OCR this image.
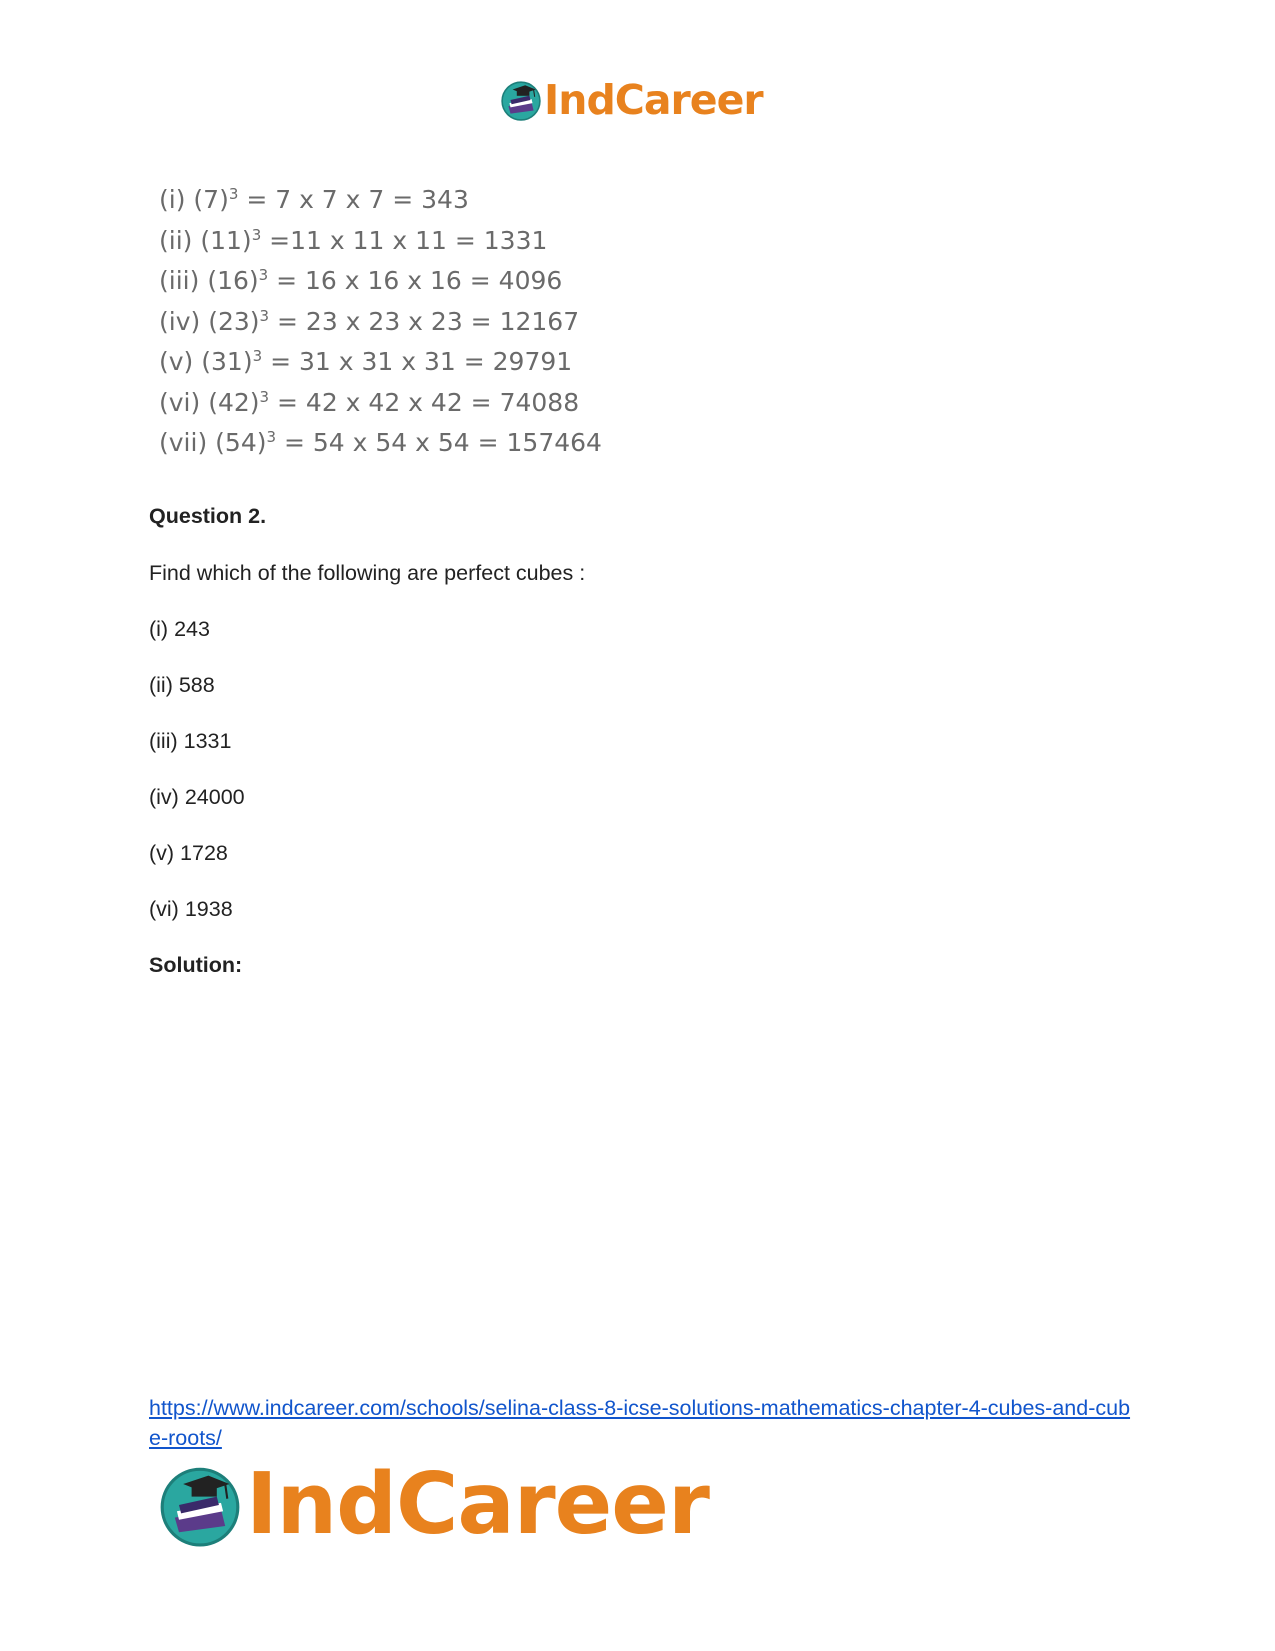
IndCareer
(i) $(7)^3 = 7$ x 7 x 7 = 343
(ii) $(11)^3 =11$ x 11 x 11 = 1331
(iii) $(16)^3 = 16$ x 16 x 16 = 4096
(iv) $(23)^3 = 23$ x 23 x 23 = 12167
(v) $(31)^3 = 31$ x 31 x 31 = 29791
(vi) $(42)^3 = 42$ x 42 x 42 = 74088
(vii) $(54)^3 = 54$ x 54 x 54 = 157464
Question 2.
Find which of the following are perfect cubes :
(i) 243
(ii) 588
(iii) 1331
(iv) 24000
(v) 1728
(vi) 1938
Solution:
https://www.indcareer.com/schools/selina-class-8-icse-solutions-mathematics-chapter-4-cubes-and-cube-roots/
IndCareer
